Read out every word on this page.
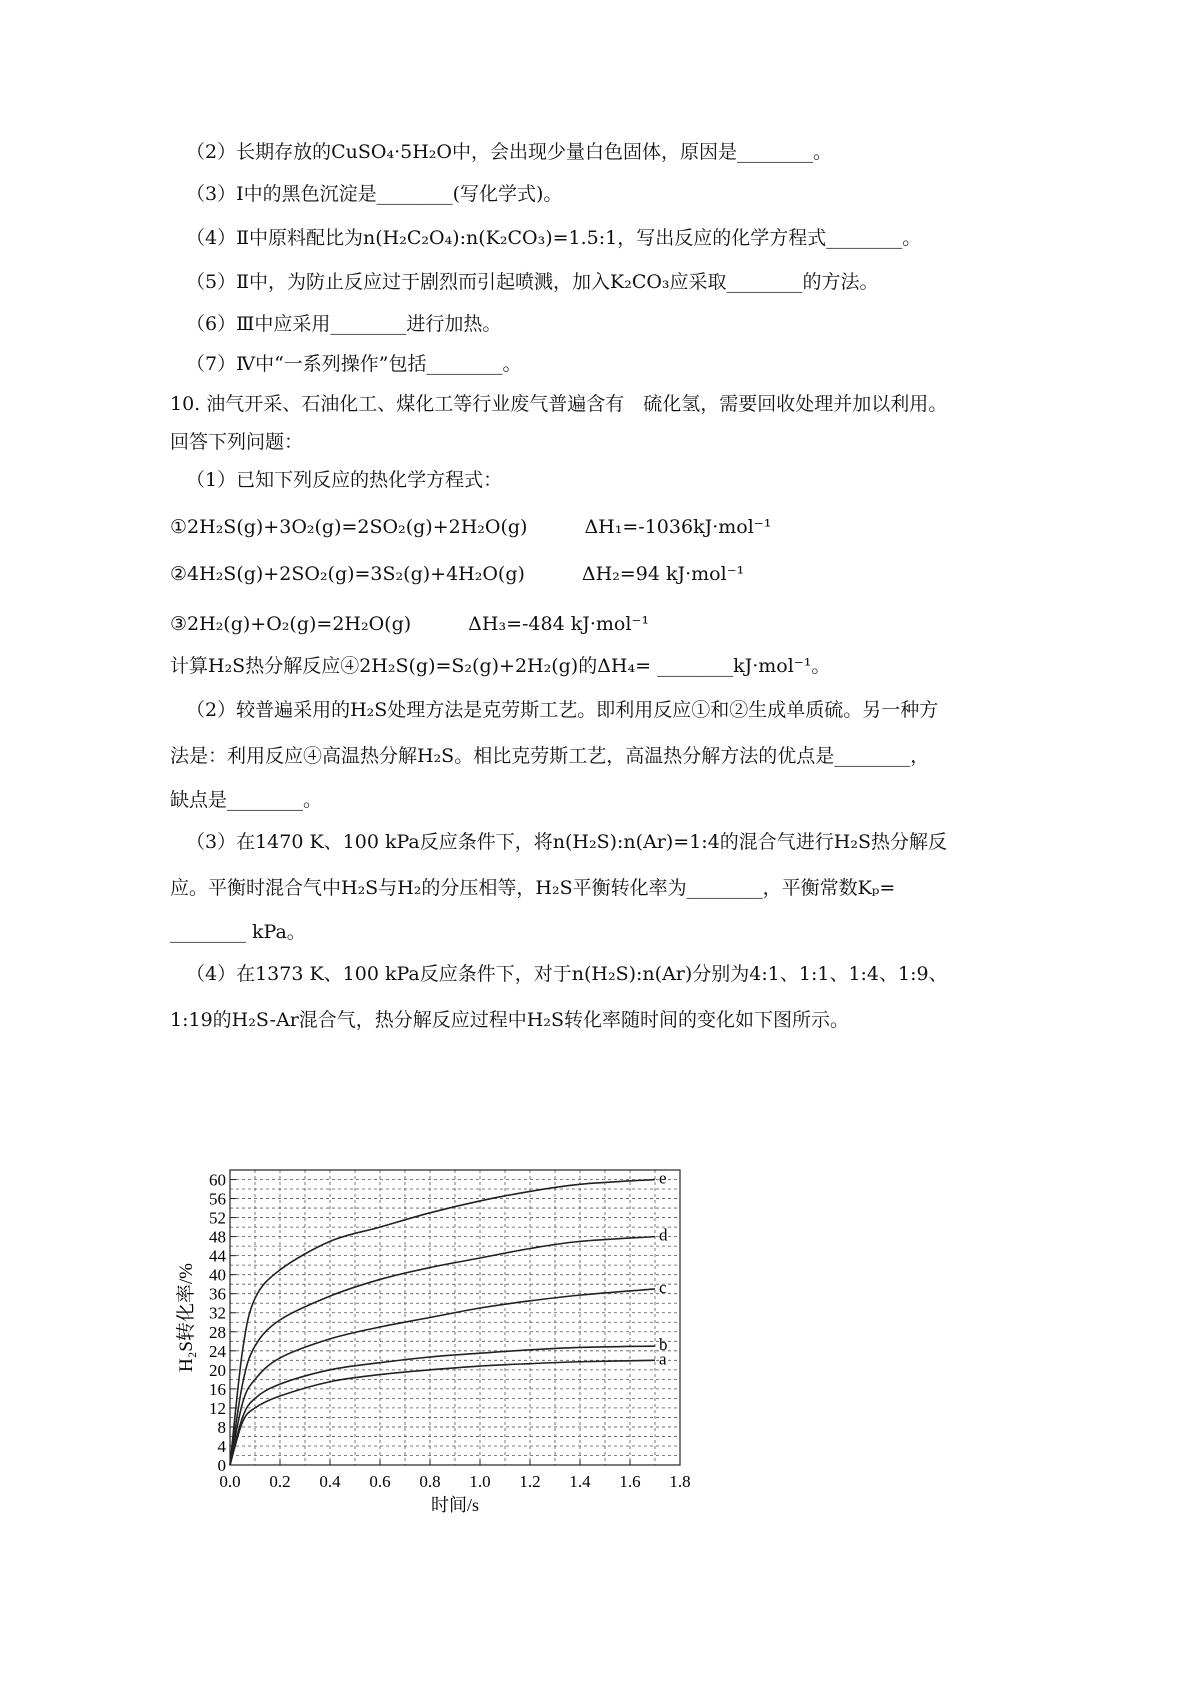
（2）长期存放的CuSO₄·5H₂O中，会出现少量白色固体，原因是________。
（3）Ⅰ中的黑色沉淀是________(写化学式)。
（4）Ⅱ中原料配比为n(H₂C₂O₄):n(K₂CO₃)=1.5:1，写出反应的化学方程式________。
（5）Ⅱ中，为防止反应过于剧烈而引起喷溅，加入K₂CO₃应采取________的方法。
（6）Ⅲ中应采用________进行加热。
（7）Ⅳ中“一系列操作”包括________。
10. 油气开采、石油化工、煤化工等行业废气普遍含有　硫化氢，需要回收处理并加以利用。
回答下列问题：
（1）已知下列反应的热化学方程式：
①2H₂S(g)+3O₂(g)=2SO₂(g)+2H₂O(g)　　　ΔH₁=-1036kJ·mol⁻¹
②4H₂S(g)+2SO₂(g)=3S₂(g)+4H₂O(g)　　　ΔH₂=94 kJ·mol⁻¹
③2H₂(g)+O₂(g)=2H₂O(g)　　　ΔH₃=-484 kJ·mol⁻¹
计算H₂S热分解反应④2H₂S(g)=S₂(g)+2H₂(g)的ΔH₄= ________kJ·mol⁻¹。
（2）较普遍采用的H₂S处理方法是克劳斯工艺。即利用反应①和②生成单质硫。另一种方
法是：利用反应④高温热分解H₂S。相比克劳斯工艺，高温热分解方法的优点是________，
缺点是________。
（3）在1470 K、100 kPa反应条件下，将n(H₂S):n(Ar)=1:4的混合气进行H₂S热分解反
应。平衡时混合气中H₂S与H₂的分压相等，H₂S平衡转化率为________，平衡常数Kₚ=
________ kPa。
（4）在1373 K、100 kPa反应条件下，对于n(H₂S):n(Ar)分别为4:1、1:1、1:4、1:9、
1:19的H₂S-Ar混合气，热分解反应过程中H₂S转化率随时间的变化如下图所示。
0.0 0.2 0.4 0.6 0.8 1.0 1.2 1.4 1.6 1.8
0
4
8
12
16
20
24
28
32
36
40
44
48
52
56
60
时间/s
H₂S转化率/%	a
b
c
d
e
